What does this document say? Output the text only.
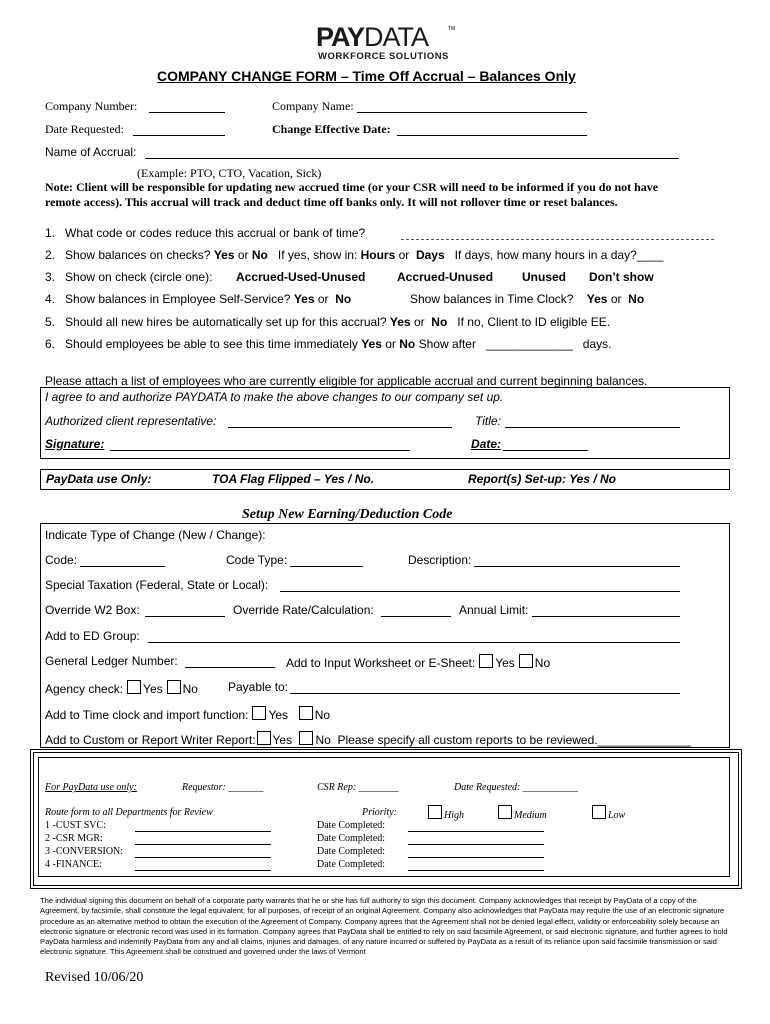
PAYDATA	TM
WORKFORCE SOLUTIONS
COMPANY CHANGE FORM – Time Off Accrual – Balances Only
Company Number:	Company Name:
Date Requested:	Change Effective Date:
Name of Accrual:
(Example: PTO, CTO, Vacation, Sick)
Note: Client will be responsible for updating new accrued time (or your CSR will need to be informed if you do not have
remote access). This accrual will track and deduct time off banks only. It will not rollover time or reset balances.
1. What code or codes reduce this accrual or bank of time?
2. Show balances on checks? Yes or No If yes, show in: Hours or Days If days, how many hours in a day?____
3. Show on check (circle one): Accrued-Used-Unused	Accrued-Unused Unused Don’t show
4. Show balances in Employee Self-Service? Yes or No	Show balances in Time Clock? Yes or No
5. Should all new hires be automatically set up for this accrual? Yes or No If no, Client to ID eligible EE.
6. Should employees be able to see this time immediately Yes or No Show after _____________ days.
Please attach a list of employees who are currently eligible for applicable accrual and current beginning balances.
I agree to and authorize PAYDATA to make the above changes to our company set up.
Authorized client representative:	Title:
Signature:	Date:
PayData use Only:	TOA Flag Flipped – Yes / No.	Report(s) Set-up: Yes / No
Setup New Earning/Deduction Code
Indicate Type of Change (New / Change):
Code:	Code Type:	Description:
Special Taxation (Federal, State or Local):
Override W2 Box:	Override Rate/Calculation:	Annual Limit:
Add to ED Group:
General Ledger Number:	Add to Input Worksheet or E-Sheet: Yes No
Agency check: Yes No	Payable to:
Add to Time clock and import function: Yes No
Add to Custom or Report Writer Report: Yes No Please specify all custom reports to be reviewed.______________
For PayData use only:	Requestor: _______	CSR Rep: ________	Date Requested: ___________
Route form to all Departments for Review	Priority:	High	Medium	Low
1 -CUST SVC:	Date Completed:
2 -CSR MGR:	Date Completed:
3 -CONVERSION:	Date Completed:
4 -FINANCE:	Date Completed:
The individual signing this document on behalf of a corporate party warrants that he or she has full authority to sign this document. Company acknowledges that receipt by PayData of a copy of the Agreement, by facsimile, shall constitute the legal equivalent, for all purposes, of receipt of an original Agreement. Company also acknowledges that PayData may require the use of an electronic signature procedure as an alternative method to obtain the execution of the Agreement of Company. Company agrees that the Agreement shall not be denied legal effect, validity or enforceability solely because an electronic signature or electronic record was used in its formation. Company agrees that PayData shall be entitled to rely on said facsimile Agreement, or said electronic signature, and further agrees to hold PayData harmless and indemnify PayData from any and all claims, injuries and damages, of any nature incurred or suffered by PayData as a result of its reliance upon said facsimile transmission or said electronic signature. This Agreement shall be construed and governed under the laws of Vermont
Revised 10/06/20
